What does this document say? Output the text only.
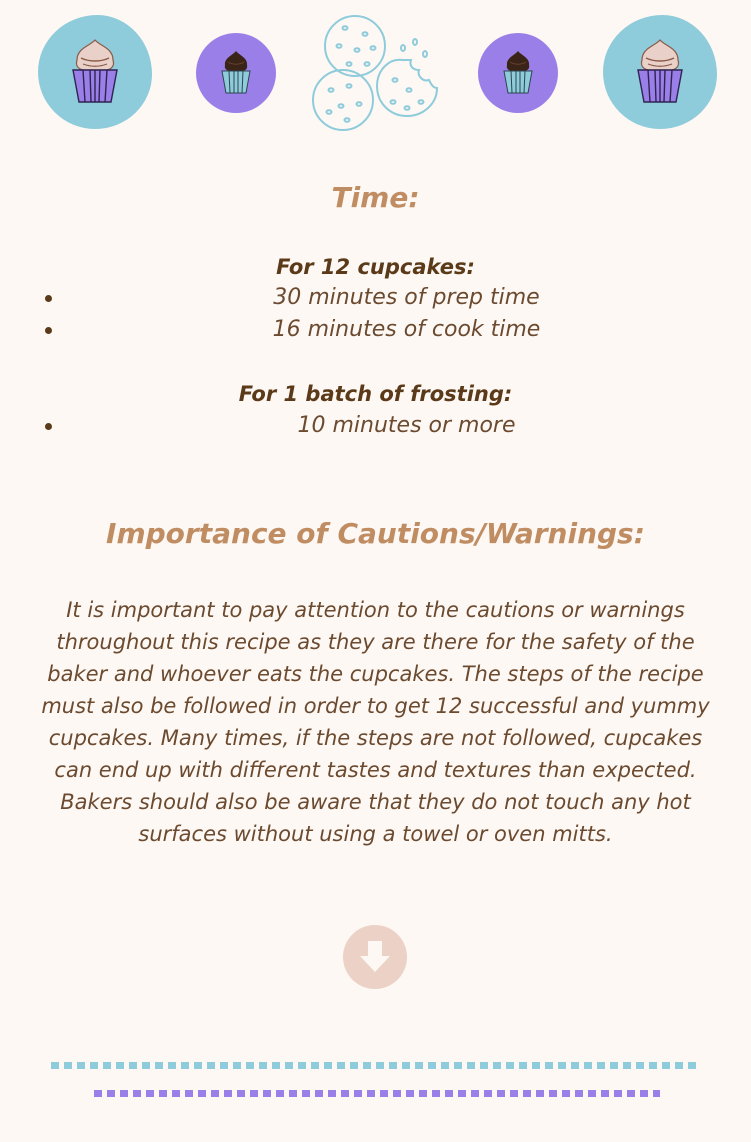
Time:

For 12 cupcakes:

30 minutes of prep time
16 minutes of cook time

For 1 batch of frosting:

10 minutes or more
Importance of Cautions/Warnings:

It is important to pay attention to the cautions or warnings throughout this recipe as they are there for the safety of the baker and whoever eats the cupcakes. The steps of the recipe must also be followed in order to get 12 successful and yummy cupcakes. Many times, if the steps are not followed, cupcakes can end up with different tastes and textures than expected. Bakers should also be aware that they do not touch any hot surfaces without using a towel or oven mitts.
